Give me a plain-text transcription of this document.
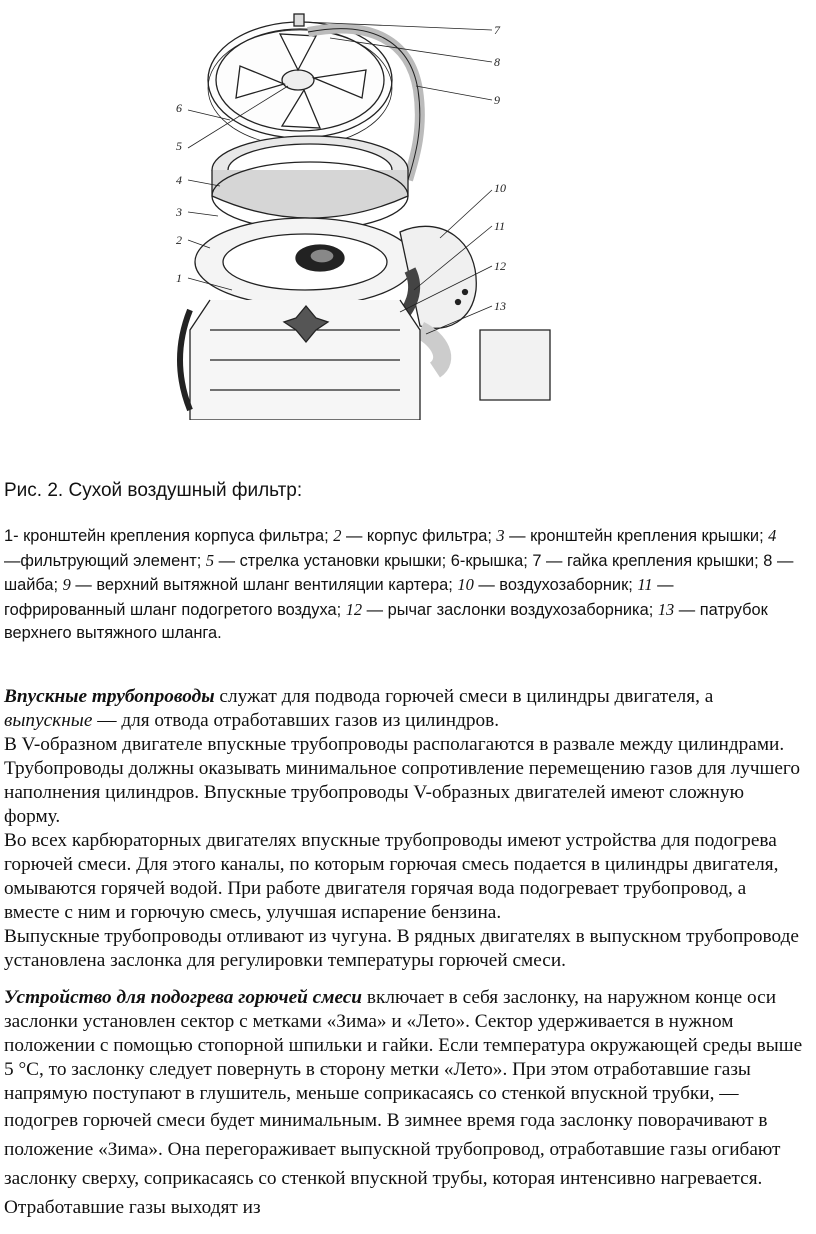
7
8
9
6
5
4
3
2
1
10
11
12
13
Рис. 2. Сухой воздушный фильтр:
1- кронштейн крепления корпуса фильтра; 2 — корпус фильтра; 3 — кронштейн крепления крышки; 4 —фильтрующий элемент; 5 — стрелка установки крышки; 6-крышка; 7 — гайка крепления крышки; 8 — шайба; 9 — верхний вытяжной шланг вентиляции картера; 10 — воздухозаборник; 11 — гофрированный шланг подогретого воздуха; 12 — рычаг заслонки воздухозаборника; 13 — патрубок верхнего вытяжного шланга.

Впускные трубопроводы служат для подвода горючей смеси в цилиндры двигателя, а выпускные — для отвода отработавших газов из цилиндров.

В V-образном двигателе впускные трубопроводы располагаются в развале между цилиндрами. Трубопроводы должны оказывать минимальное сопротивление перемещению газов для лучшего наполнения цилиндров. Впускные трубопроводы V-образных двигателей имеют сложную форму.

Во всех карбюраторных двигателях впускные трубопроводы имеют устройства для подогрева горючей смеси. Для этого каналы, по которым горючая смесь подается в цилиндры двигателя, омываются горячей водой. При работе двигателя горячая вода подогревает трубопровод, а вместе с ним и горючую смесь, улучшая испарение бензина.

Выпускные трубопроводы отливают из чугуна. В рядных двигателях в выпускном трубопроводе установлена заслонка для регулировки температуры горючей смеси.

Устройство для подогрева горючей смеси включает в себя заслонку, на наружном конце оси заслонки установлен сектор с метками «Зима» и «Лето». Сектор удерживается в нужном положении с помощью стопорной шпильки и гайки. Если температура окружающей среды выше 5 °С, то заслонку следует повернуть в сторону метки «Лето». При этом отработавшие газы напрямую поступают в глушитель, меньше соприкасаясь со стенкой впускной трубки, — подогрев горючей смеси будет минимальным. В зимнее время года заслонку поворачивают в положение «Зима». Она перегораживает выпускной трубопровод, отработавшие газы огибают заслонку сверху, соприкасаясь со стенкой впускной трубы, которая интенсивно нагревается. Отработавшие газы выходят из
